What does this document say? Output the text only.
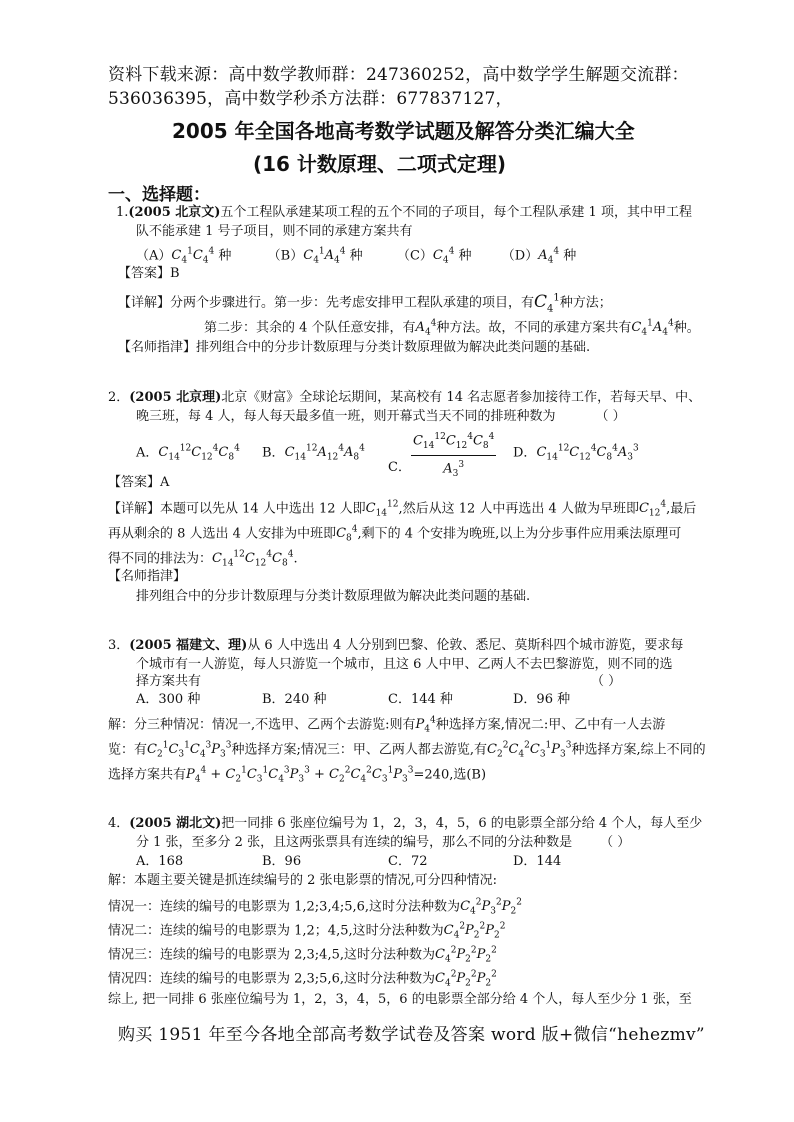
资料下载来源：高中数学教师群：247360252，高中数学学生解题交流群：
536036395，高中数学秒杀方法群：677837127，
2005 年全国各地高考数学试题及解答分类汇编大全
(16 计数原理、二项式定理)
一、选择题：
1.(2005 北京文)五个工程队承建某项工程的五个不同的子项目，每个工程队承建 1 项，其中甲工程
队不能承建 1 号子项目，则不同的承建方案共有
$(A)C_4^1C_4^4$ 种	$(B)C_4^1A_4^4$ 种	$(C)C_4^4$ 种 $(D)A_4^4$ 种
【答案】B
【详解】分两个步骤进行。第一步：先考虑安排甲工程队承建的项目，有$C_4^1$种方法；
第二步：其余的 4 个队任意安排，有$A_4^4$种方法。故，不同的承建方案共有$C_4^1A_4^4$种。
【名师指津】排列组合中的分步计数原理与分类计数原理做为解决此类问题的基础.
2．(2005 北京理)北京《财富》全球论坛期间，某高校有 14 名志愿者参加接待工作，若每天早、中、
晚三班，每 4 人，每人每天最多值一班，则开幕式当天不同的排班种数为	（ ）
A．$C_{14}^{12}C_{12}^4C_8^4$ B．$C_{14}^{12}A_{12}^4A_8^4$
C． $\frac{C_{14}^{12}C_{12}^4C_8^4}{A_3^3}$ D．$C_{14}^{12}C_{12}^4C_8^4A_3^3$
【答案】A
【详解】本题可以先从 14 人中选出 12 人即$C_{14}^{12}$,然后从这 12 人中再选出 4 人做为早班即$C_{12}^4$,最后
再从剩余的 8 人选出 4 人安排为中班即$C_8^4$,剩下的 4 个安排为晚班,以上为分步事件应用乘法原理可
得不同的排法为：$C_{14}^{12}C_{12}^4C_8^4$.
【名师指津】
排列组合中的分步计数原理与分类计数原理做为解决此类问题的基础.
3．(2005 福建文、理)从 6 人中选出 4 人分别到巴黎、伦敦、悉尼、莫斯科四个城市游览，要求每
个城市有一人游览，每人只游览一个城市，且这 6 人中甲、乙两人不去巴黎游览，则不同的选
择方案共有	（ ）
A．300 种	B．240 种	C．144 种	D．96 种
解：分三种情况：情况一,不选甲、乙两个去游览:则有$P_4^4$种选择方案,情况二:甲、乙中有一人去游
览：有$C_2^1C_3^1C_4^3P_3^3$种选择方案;情况三：甲、乙两人都去游览,有$C_2^2C_4^2C_3^1P_3^3$种选择方案,综上不同的
选择方案共有$P_4^4 + C_2^1C_3^1C_4^3P_3^3 + C_2^2C_4^2C_3^1P_3^3=240$,选(B)
4．(2005 湖北文)把一同排 6 张座位编号为 1，2，3，4，5，6 的电影票全部分给 4 个人，每人至少
分 1 张，至多分 2 张，且这两张票具有连续的编号，那么不同的分法种数是 （ ）
A．168	B．96	C．72	D．144
解：本题主要关键是抓连续编号的 2 张电影票的情况,可分四种情况:
情况一：连续的编号的电影票为 1,2;3,4;5,6,这时分法种数为$C_4^2P_3^2P_2^2$
情况二：连续的编号的电影票为 1,2；4,5,这时分法种数为$C_4^2P_2^2P_2^2$
情况三：连续的编号的电影票为 2,3;4,5,这时分法种数为$C_4^2P_2^2P_2^2$
情况四：连续的编号的电影票为 2,3;5,6,这时分法种数为$C_4^2P_2^2P_2^2$
综上, 把一同排 6 张座位编号为 1，2，3，4，5，6 的电影票全部分给 4 个人，每人至少分 1 张，至
购买 1951 年至今各地全部高考数学试卷及答案 word 版+微信“hehezmv”
